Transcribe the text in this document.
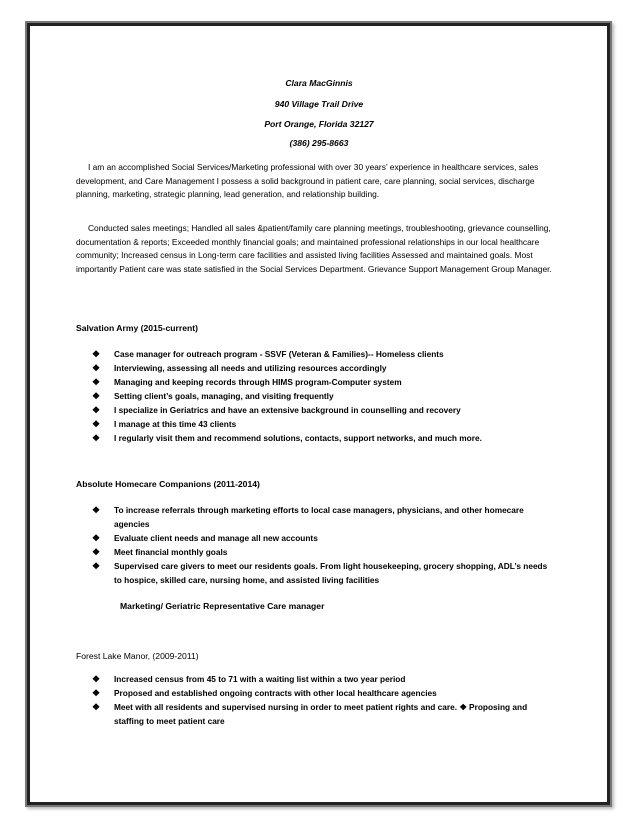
Clara MacGinnis
940 Village Trail Drive
Port Orange, Florida 32127
(386) 295-8663
I am an accomplished Social Services/Marketing professional with over 30 years’ experience in healthcare services, sales development, and Care Management I possess a solid background in patient care, care planning, social services, discharge planning, marketing, strategic planning, lead generation, and relationship building.
Conducted sales meetings; Handled all sales &patient/family care planning meetings, troubleshooting, grievance counselling, documentation & reports; Exceeded monthly financial goals; and maintained professional relationships in our local healthcare community; Increased census in Long-term care facilities and assisted living facilities Assessed and maintained goals. Most importantly Patient care was state satisfied in the Social Services Department. Grievance Support Management Group Manager.
Salvation Army (2015-current)
❖ Case manager for outreach program - SSVF (Veteran & Families)-- Homeless clients
❖ Interviewing, assessing all needs and utilizing resources accordingly
❖ Managing and keeping records through HIMS program-Computer system
❖ Setting client’s goals, managing, and visiting frequently
❖ I specialize in Geriatrics and have an extensive background in counselling and recovery
❖ I manage at this time 43 clients
❖ I regularly visit them and recommend solutions, contacts, support networks, and much more.
Absolute Homecare Companions (2011-2014)
❖ To increase referrals through marketing efforts to local case managers, physicians, and other homecare agencies
❖ Evaluate client needs and manage all new accounts
❖ Meet financial monthly goals
❖ Supervised care givers to meet our residents goals. From light housekeeping, grocery shopping, ADL’s needs to hospice, skilled care, nursing home, and assisted living facilities
Marketing/ Geriatric Representative Care manager
Forest Lake Manor, (2009-2011)
❖ Increased census from 45 to 71 with a waiting list within a two year period
❖ Proposed and established ongoing contracts with other local healthcare agencies
❖ Meet with all residents and supervised nursing in order to meet patient rights and care. ❖ Proposing and staffing to meet patient care
